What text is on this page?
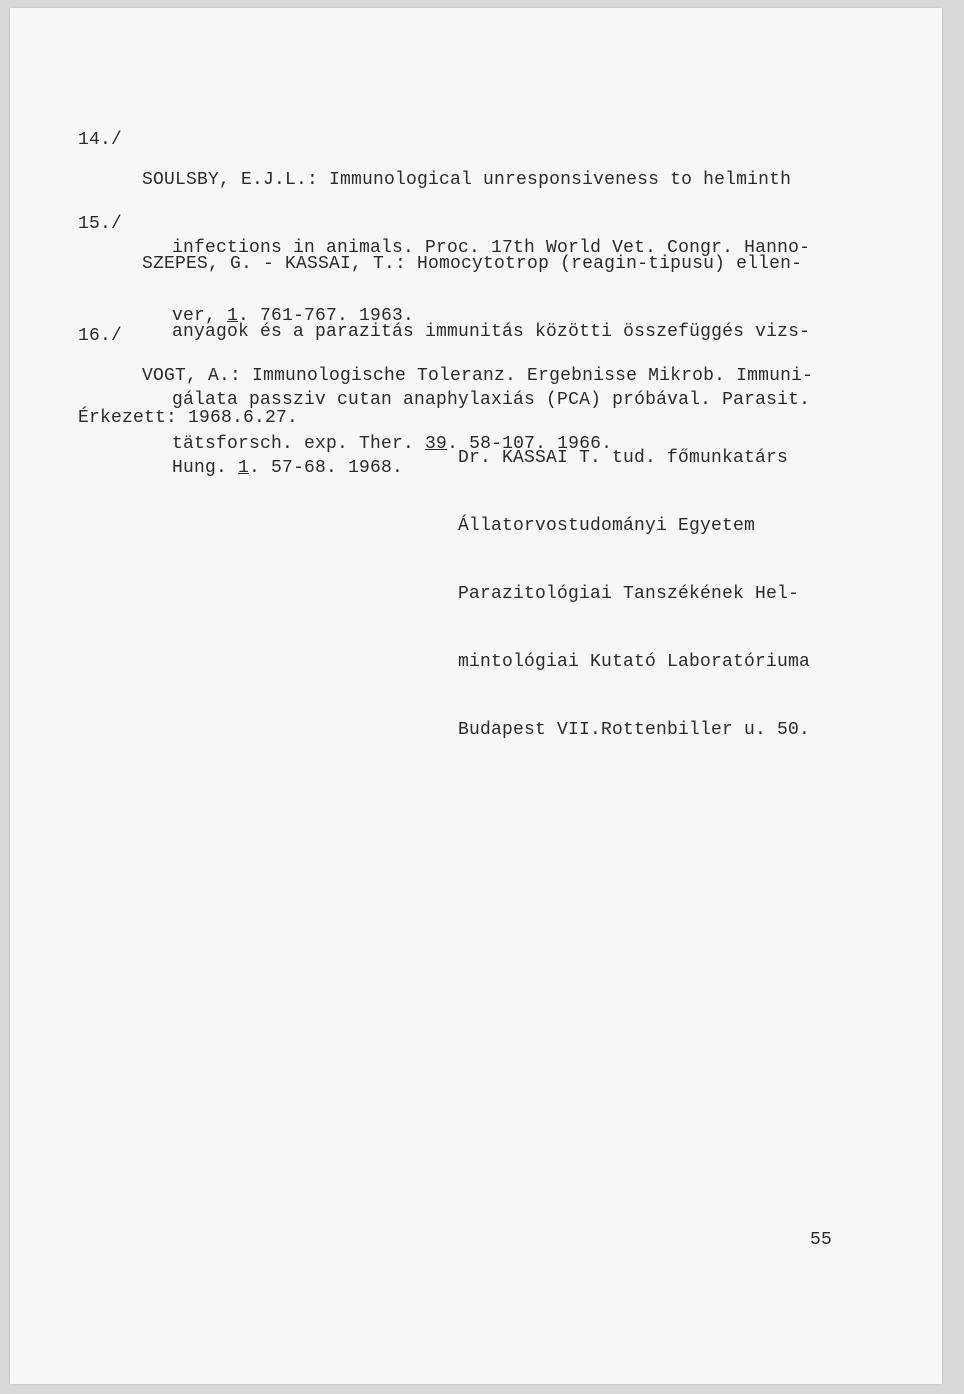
14./

SOULSBY, E.J.L.: Immunological unresponsiveness to helminth

infections in animals. Proc. 17th World Vet. Congr. Hanno-

ver, 1. 761-767. 1963.

15./

SZEPES, G. - KASSAI, T.: Homocytotrop (reagin-tipusu) ellen-

anyagok és a parazitás immunitás közötti összefüggés vizs-

gálata passziv cutan anaphylaxiás (PCA) próbával. Parasit.

Hung. 1. 57-68. 1968.

16./

VOGT, A.: Immunologische Toleranz. Ergebnisse Mikrob. Immuni-

tätsforsch. exp. Ther. 39. 58-107. 1966.

Érkezett: 1968.6.27.

Dr. KASSAI T. tud. főmunkatárs

Állatorvostudományi Egyetem

Parazitológiai Tanszékének Hel-

mintológiai Kutató Laboratóriuma

Budapest VII.Rottenbiller u. 50.

55
